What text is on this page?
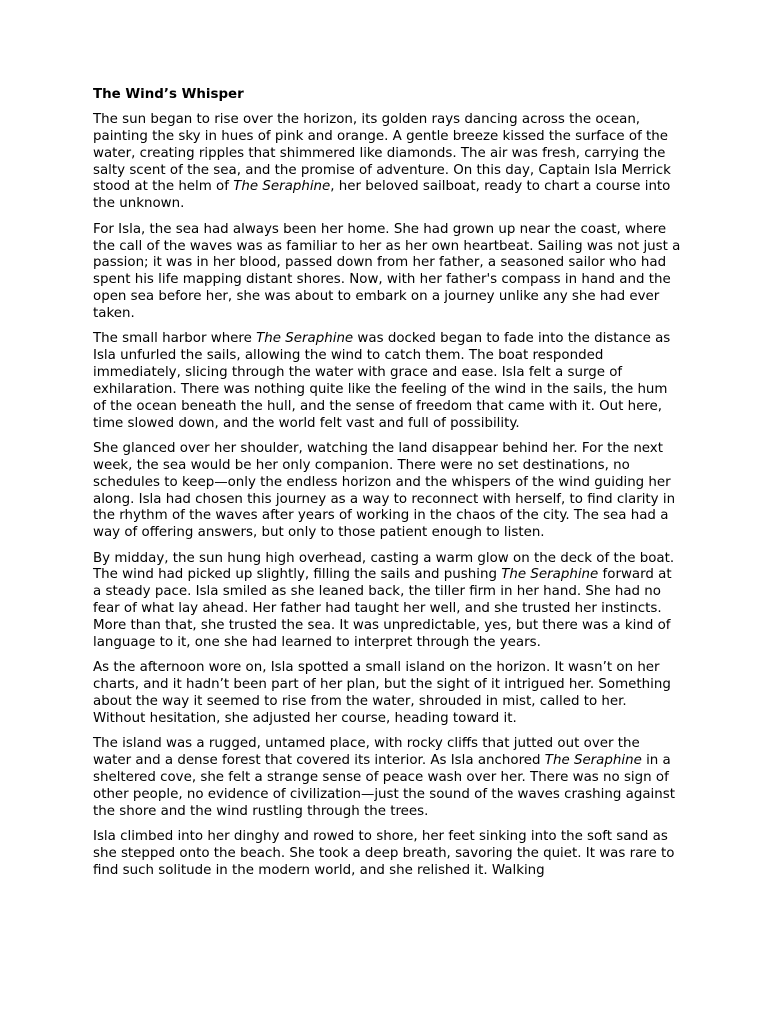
The Wind’s Whisper

The sun began to rise over the horizon, its golden rays dancing across the ocean, painting the sky in hues of pink and orange. A gentle breeze kissed the surface of the water, creating ripples that shimmered like diamonds. The air was fresh, carrying the salty scent of the sea, and the promise of adventure. On this day, Captain Isla Merrick stood at the helm of The Seraphine, her beloved sailboat, ready to chart a course into the unknown.

For Isla, the sea had always been her home. She had grown up near the coast, where the call of the waves was as familiar to her as her own heartbeat. Sailing was not just a passion; it was in her blood, passed down from her father, a seasoned sailor who had spent his life mapping distant shores. Now, with her father's compass in hand and the open sea before her, she was about to embark on a journey unlike any she had ever taken.

The small harbor where The Seraphine was docked began to fade into the distance as Isla unfurled the sails, allowing the wind to catch them. The boat responded immediately, slicing through the water with grace and ease. Isla felt a surge of exhilaration. There was nothing quite like the feeling of the wind in the sails, the hum of the ocean beneath the hull, and the sense of freedom that came with it. Out here, time slowed down, and the world felt vast and full of possibility.

She glanced over her shoulder, watching the land disappear behind her. For the next week, the sea would be her only companion. There were no set destinations, no schedules to keep—only the endless horizon and the whispers of the wind guiding her along. Isla had chosen this journey as a way to reconnect with herself, to find clarity in the rhythm of the waves after years of working in the chaos of the city. The sea had a way of offering answers, but only to those patient enough to listen.

By midday, the sun hung high overhead, casting a warm glow on the deck of the boat. The wind had picked up slightly, filling the sails and pushing The Seraphine forward at a steady pace. Isla smiled as she leaned back, the tiller firm in her hand. She had no fear of what lay ahead. Her father had taught her well, and she trusted her instincts. More than that, she trusted the sea. It was unpredictable, yes, but there was a kind of language to it, one she had learned to interpret through the years.

As the afternoon wore on, Isla spotted a small island on the horizon. It wasn’t on her charts, and it hadn’t been part of her plan, but the sight of it intrigued her. Something about the way it seemed to rise from the water, shrouded in mist, called to her. Without hesitation, she adjusted her course, heading toward it.

The island was a rugged, untamed place, with rocky cliffs that jutted out over the water and a dense forest that covered its interior. As Isla anchored The Seraphine in a sheltered cove, she felt a strange sense of peace wash over her. There was no sign of other people, no evidence of civilization—just the sound of the waves crashing against the shore and the wind rustling through the trees.

Isla climbed into her dinghy and rowed to shore, her feet sinking into the soft sand as she stepped onto the beach. She took a deep breath, savoring the quiet. It was rare to find such solitude in the modern world, and she relished it. Walking
